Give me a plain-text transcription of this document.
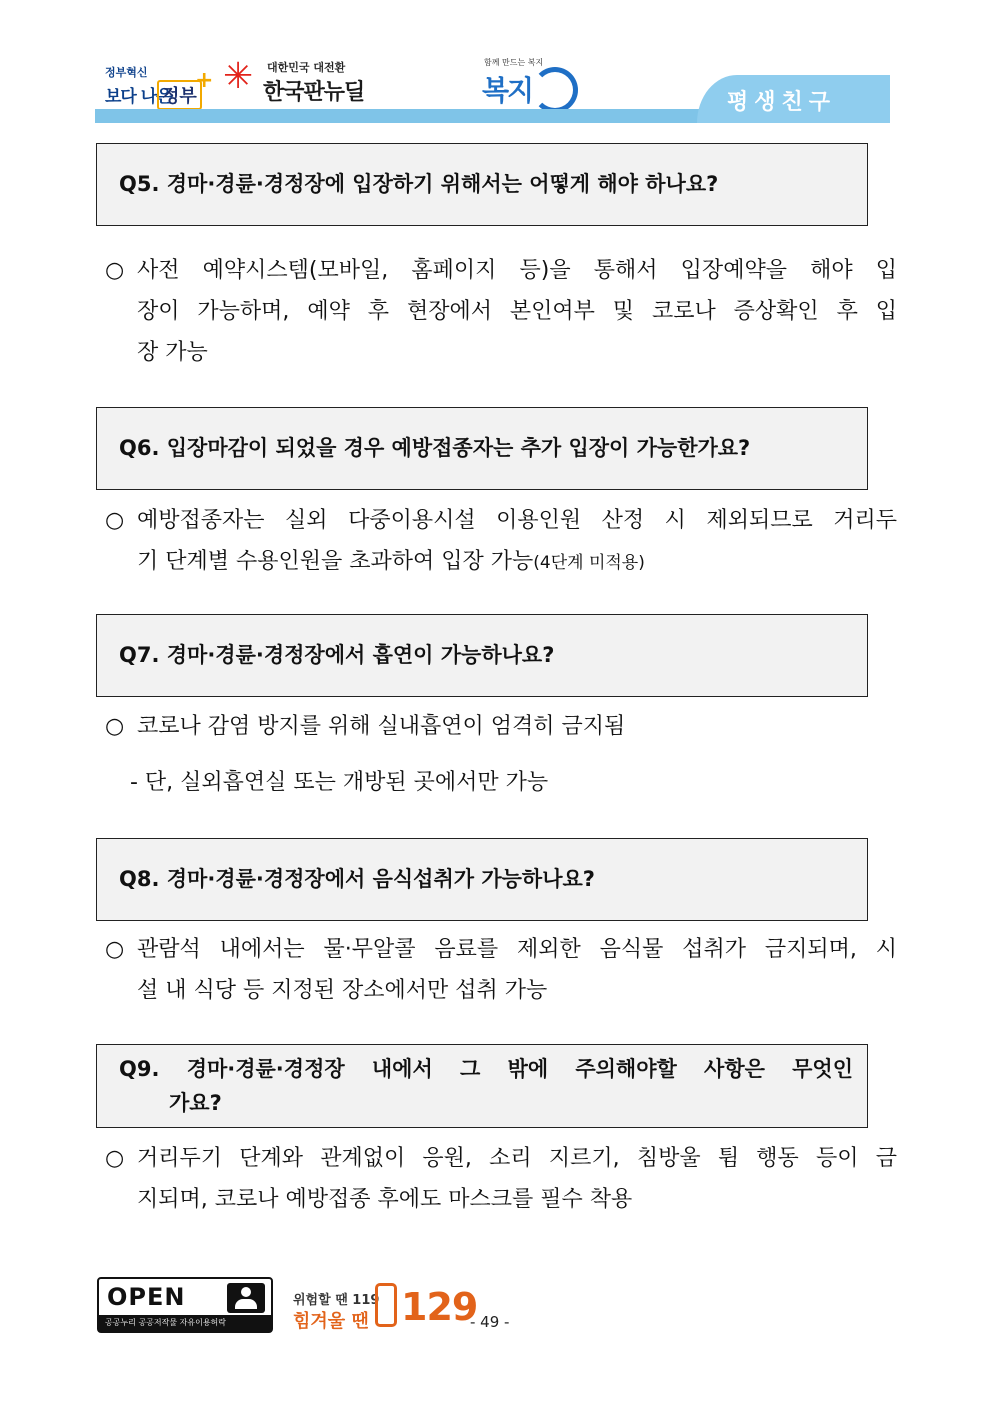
정부혁신
보다 나은
정부
+ ✳ 대한민국 대전환
한국판뉴딜
함께 만드는 복지
복지	평생친구
Q5. 경마·경륜·경정장에 입장하기 위해서는 어떻게 해야 하나요?
○ 사전 예약시스템(모바일, 홈페이지 등)을 통해서 입장예약을 해야 입
장이 가능하며, 예약 후 현장에서 본인여부 및 코로나 증상확인 후 입
장 가능
Q6. 입장마감이 되었을 경우 예방접종자는 추가 입장이 가능한가요?
○ 예방접종자는 실외 다중이용시설 이용인원 산정 시 제외되므로 거리두
기 단계별 수용인원을 초과하여 입장 가능(4단계 미적용)
Q7. 경마·경륜·경정장에서 흡연이 가능하나요?
○ 코로나 감염 방지를 위해 실내흡연이 엄격히 금지됨
- 단, 실외흡연실 또는 개방된 곳에서만 가능
Q8. 경마·경륜·경정장에서 음식섭취가 가능하나요?
○ 관람석 내에서는 물·무알콜 음료를 제외한 음식물 섭취가 금지되며, 시
설 내 식당 등 지정된 장소에서만 섭취 가능
Q9. 경마·경륜·경정장 내에서 그 밖에 주의해야할 사항은 무엇인
가요?
○ 거리두기 단계와 관계없이 응원, 소리 지르기, 침방울 튐 행동 등이 금
지되며, 코로나 예방접종 후에도 마스크를 필수 착용
OPEN
공공누리 공공저작물 자유이용허락
위험할 땐 119
힘겨울 땐 129
- 49 -
